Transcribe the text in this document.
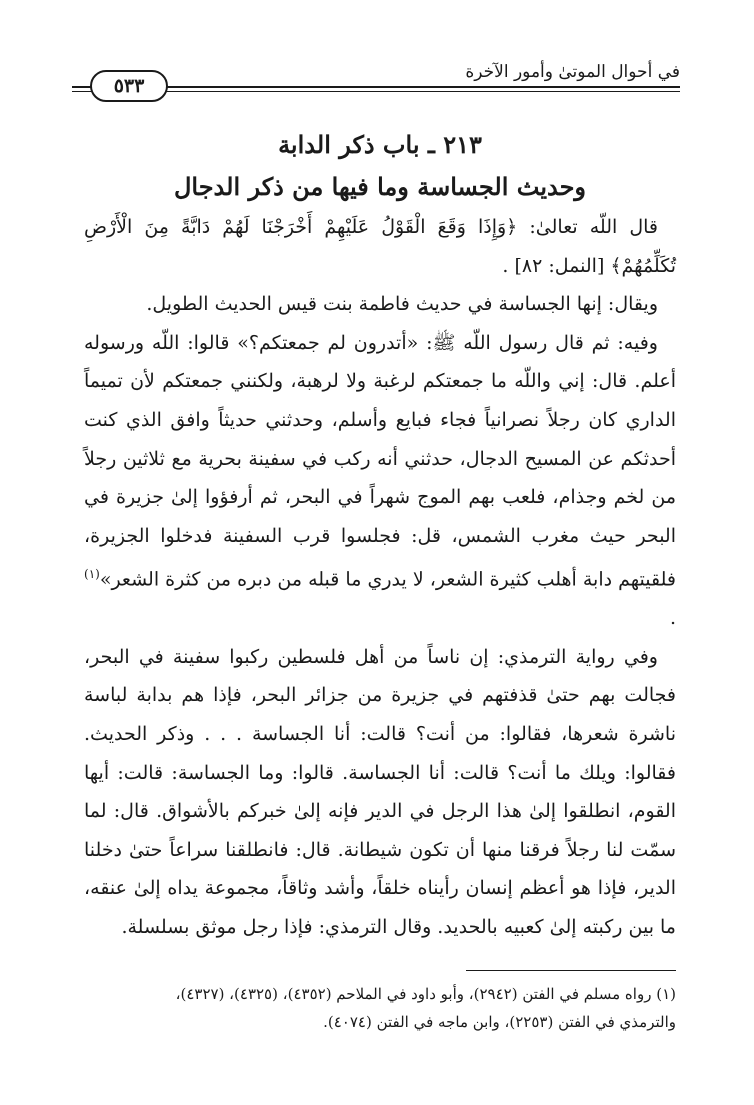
في أحوال الموتىٰ وأمور الآخرة
٥٣٣
٢١٣ ـ باب ذكر الدابة
وحديث الجساسة وما فيها من ذكر الدجال

قال اللّه تعالىٰ: ﴿وَإِذَا وَقَعَ الْقَوْلُ عَلَيْهِمْ أَخْرَجْنَا لَهُمْ دَابَّةً مِنَ الْأَرْضِ تُكَلِّمُهُمْ﴾ [النمل: ٨٢] .

ويقال: إنها الجساسة في حديث فاطمة بنت قيس الحديث الطويل.

وفيه: ثم قال رسول اللّه ﷺ: «أتدرون لم جمعتكم؟» قالوا: اللّه ورسوله أعلم. قال: إني واللّه ما جمعتكم لرغبة ولا لرهبة، ولكنني جمعتكم لأن تميماً الداري كان رجلاً نصرانياً فجاء فبايع وأسلم، وحدثني حديثاً وافق الذي كنت أحدثكم عن المسيح الدجال، حدثني أنه ركب في سفينة بحرية مع ثلاثين رجلاً من لخم وجذام، فلعب بهم الموج شهراً في البحر، ثم أرفؤوا إلىٰ جزيرة في البحر حيث مغرب الشمس، قل: فجلسوا قرب السفينة فدخلوا الجزيرة، فلقيتهم دابة أهلب كثيرة الشعر، لا يدري ما قبله من دبره من كثرة الشعر»$^{(١)}$ .

وفي رواية الترمذي: إن ناساً من أهل فلسطين ركبوا سفينة في البحر، فجالت بهم حتىٰ قذفتهم في جزيرة من جزائر البحر، فإذا هم بدابة لباسة ناشرة شعرها، فقالوا: من أنت؟ قالت: أنا الجساسة . . . وذكر الحديث. فقالوا: ويلك ما أنت؟ قالت: أنا الجساسة. قالوا: وما الجساسة: قالت: أيها القوم، انطلقوا إلىٰ هذا الرجل في الدير فإنه إلىٰ خبركم بالأشواق. قال: لما سمّت لنا رجلاً فرقنا منها أن تكون شيطانة. قال: فانطلقنا سراعاً حتىٰ دخلنا الدير، فإذا هو أعظم إنسان رأيناه خلقاً، وأشد وثاقاً، مجموعة يداه إلىٰ عنقه، ما بين ركبته إلىٰ كعبيه بالحديد. وقال الترمذي: فإذا رجل موثق بسلسلة.

(١) رواه مسلم في الفتن (٢٩٤٢)، وأبو داود في الملاحم (٤٣٥٢)، (٤٣٢٥)، (٤٣٢٧)،

والترمذي في الفتن (٢٢٥٣)، وابن ماجه في الفتن (٤٠٧٤).
